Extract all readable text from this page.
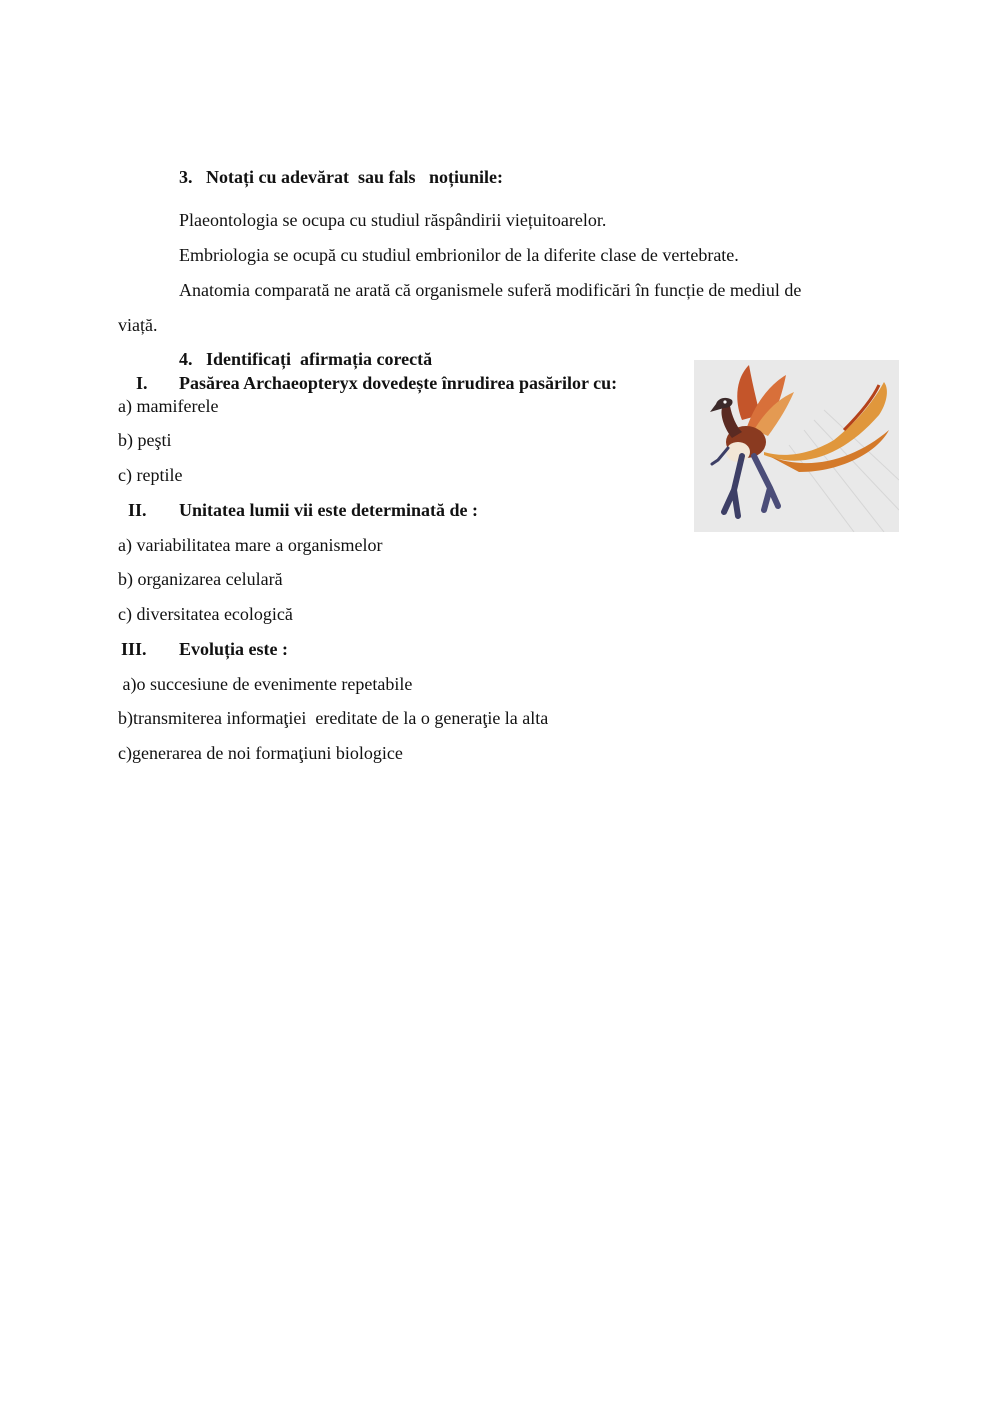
3.   Notați cu adevărat  sau fals   noțiunile:
Plaeontologia se ocupa cu studiul răspândirii viețuitoarelor.
Embriologia se ocupă cu studiul embrionilor de la diferite clase de vertebrate.
Anatomia comparată ne arată că organismele suferă modificări în funcție de mediul de
viață.
4.   Identificați  afirmația corectă
I. Pasărea Archaeopteryx dovedește înrudirea pasărilor cu:
a) mamiferele
b) peşti
c) reptile
II. Unitatea lumii vii este determinată de :
a) variabilitatea mare a organismelor
b) organizarea celulară
c) diversitatea ecologică
III. Evoluția este :
a)o succesiune de evenimente repetabile
b)transmiterea informaţiei  ereditate de la o generaţie la alta
c)generarea de noi formaţiuni biologice
